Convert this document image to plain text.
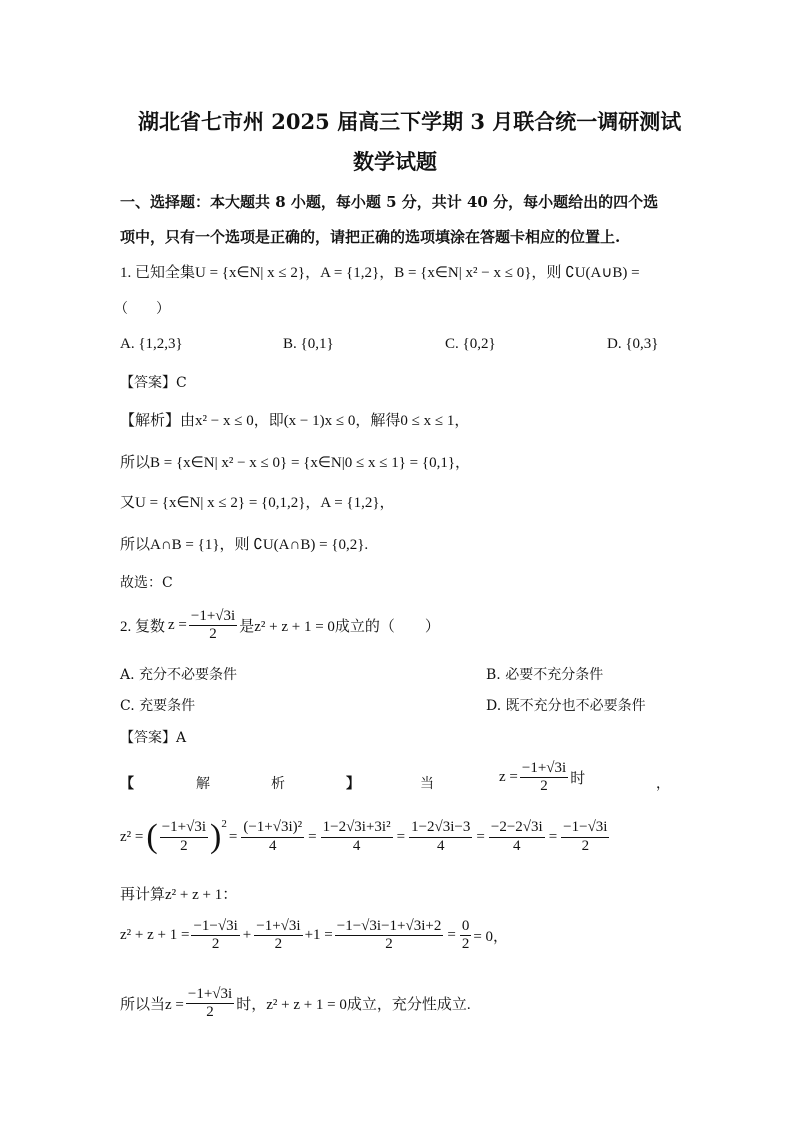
湖北省七市州 2025 届高三下学期 3 月联合统一调研测试
数学试题
一、选择题：本大题共 8 小题，每小题 5 分，共计 40 分，每小题给出的四个选
项中，只有一个选项是正确的，请把正确的选项填涂在答题卡相应的位置上.
1. 已知全集U = {x∈N| x ≤ 2}，A = {1,2}，B = {x∈N| x² − x ≤ 0}，则 ∁U(A∪B) =
（　　）
A. {1,2,3}	B. {0,1}	C. {0,2}	D. {0,3}
【答案】C
【解析】由x² − x ≤ 0，即(x − 1)x ≤ 0，解得0 ≤ x ≤ 1，
所以B = {x∈N| x² − x ≤ 0} = {x∈N|0 ≤ x ≤ 1} = {0,1}，
又U = {x∈N| x ≤ 2} = {0,1,2}，A = {1,2}，
所以A∩B = {1}，则 ∁U(A∩B) = {0,2}.
故选：C
2. 复数 $z = \frac{-1+√3i}{2}$ 是z² + z + 1 = 0成立的（　　）
A. 充分不必要条件	B. 必要不充分条件
C. 充要条件	D. 既不充分也不必要条件
【答案】A
【	解	析	】	当	$z = \frac{-1+√3i}{2}$ 时	，
z² = ( $\frac{-1+√3i}{2} )^2$
= $\frac{\text{(−1+√3i)²}}{4} = \frac{\text{1−2√3i+3i²}}{4} = \frac{1-2√3i-3}{4} = \frac{-2-2√3i}{4} = \frac{-1-√3i}{2}$
再计算z² + z + 1：
$z^2 + z + 1 = \frac{-1-√3i}{2} + \frac{-1+√3i}{2} +1 = \frac{-1-√3i-1+√3i+2}{2} = \frac{0}{2} = 0$，
所以当$z = \frac{-1+√3i}{2}$ 时，z² + z + 1 = 0成立，充分性成立.
